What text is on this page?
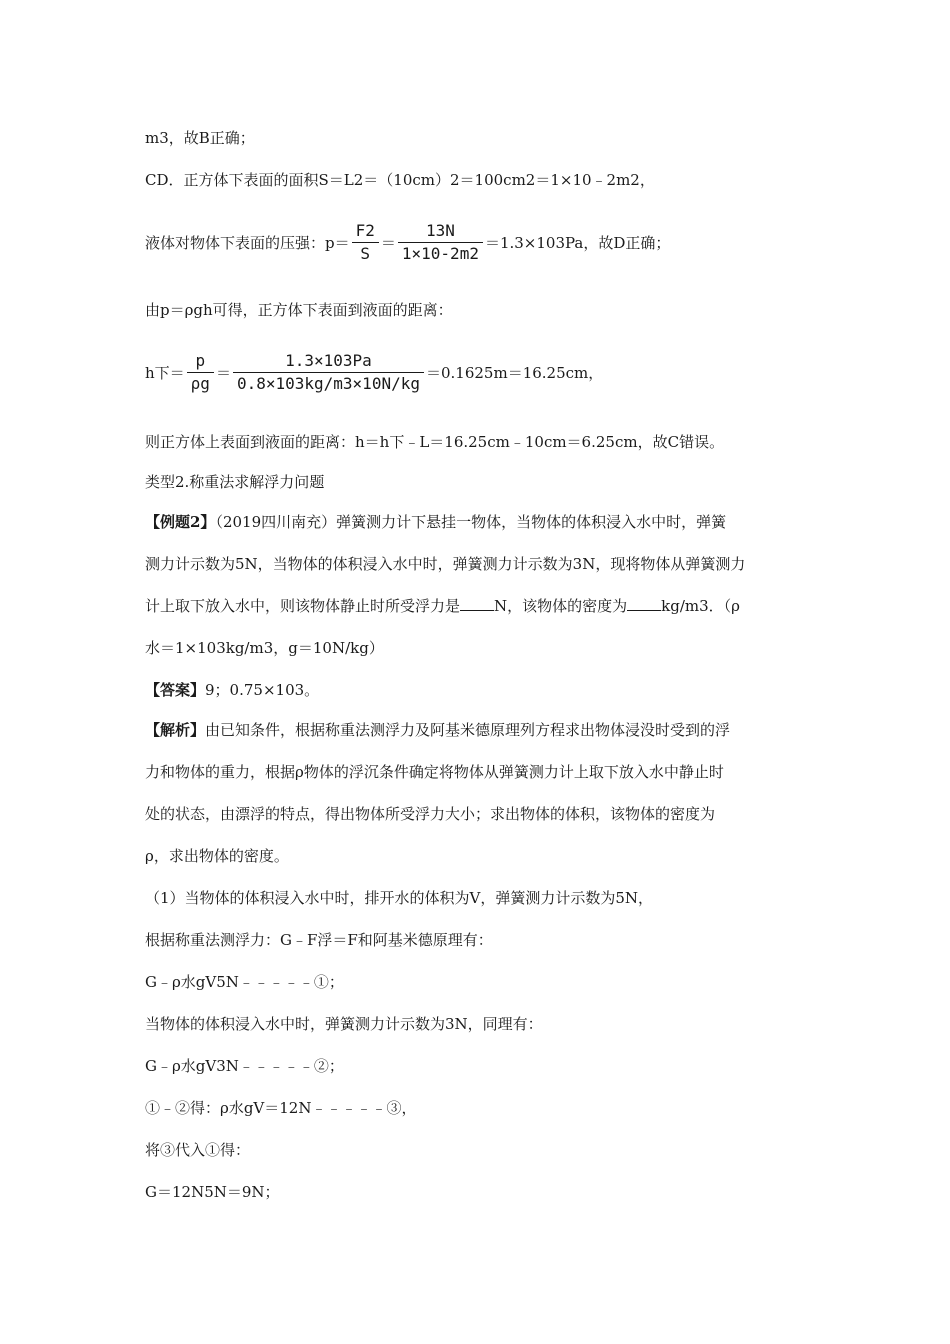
m3，故B正确；
CD．正方体下表面的面积S＝L2＝（10cm）2＝100cm2＝1×10﹣2m2，
液体对物体下表面的压强：$p= \frac{F2}{S} = \frac{13N}{1\times 10-2m2} =1.3\times 103Pa$，故D正确；
由p＝ρgh可得，正方体下表面到液面的距离：
h下＝ $\frac{p}{\rho g} = \frac{1.3\times 103Pa}{0.8\times 103kg/m3\times 10N/kg} =0.1625m=16.25cm$，
则正方体上表面到液面的距离：h＝h下﹣L＝16.25cm﹣10cm＝6.25cm，故C错误。
类型2.称重法求解浮力问题
【例题2】（2019四川南充）弹簧测力计下悬挂一物体，当物体的体积浸入水中时，弹簧
测力计示数为5N，当物体的体积浸入水中时，弹簧测力计示数为3N，现将物体从弹簧测力
计上取下放入水中，则该物体静止时所受浮力是 N，该物体的密度为 kg/m3．（ρ
水＝1×103kg/m3，g＝10N/kg）
【答案】9；0.75×103。
【解析】由已知条件，根据称重法测浮力及阿基米德原理列方程求出物体浸没时受到的浮
力和物体的重力，根据ρ物体的浮沉条件确定将物体从弹簧测力计上取下放入水中静止时
处的状态，由漂浮的特点，得出物体所受浮力大小；求出物体的体积，该物体的密度为
ρ，求出物体的密度。
（1）当物体的体积浸入水中时，排开水的体积为V，弹簧测力计示数为5N，
根据称重法测浮力：G﹣F浮＝F和阿基米德原理有：
G﹣ρ水gV5N﹣﹣﹣﹣﹣①；
当物体的体积浸入水中时，弹簧测力计示数为3N，同理有：
G﹣ρ水gV3N﹣﹣﹣﹣﹣②；
①﹣②得：ρ水gV＝12N﹣﹣﹣﹣﹣③，
将③代入①得：
G＝12N5N＝9N；
